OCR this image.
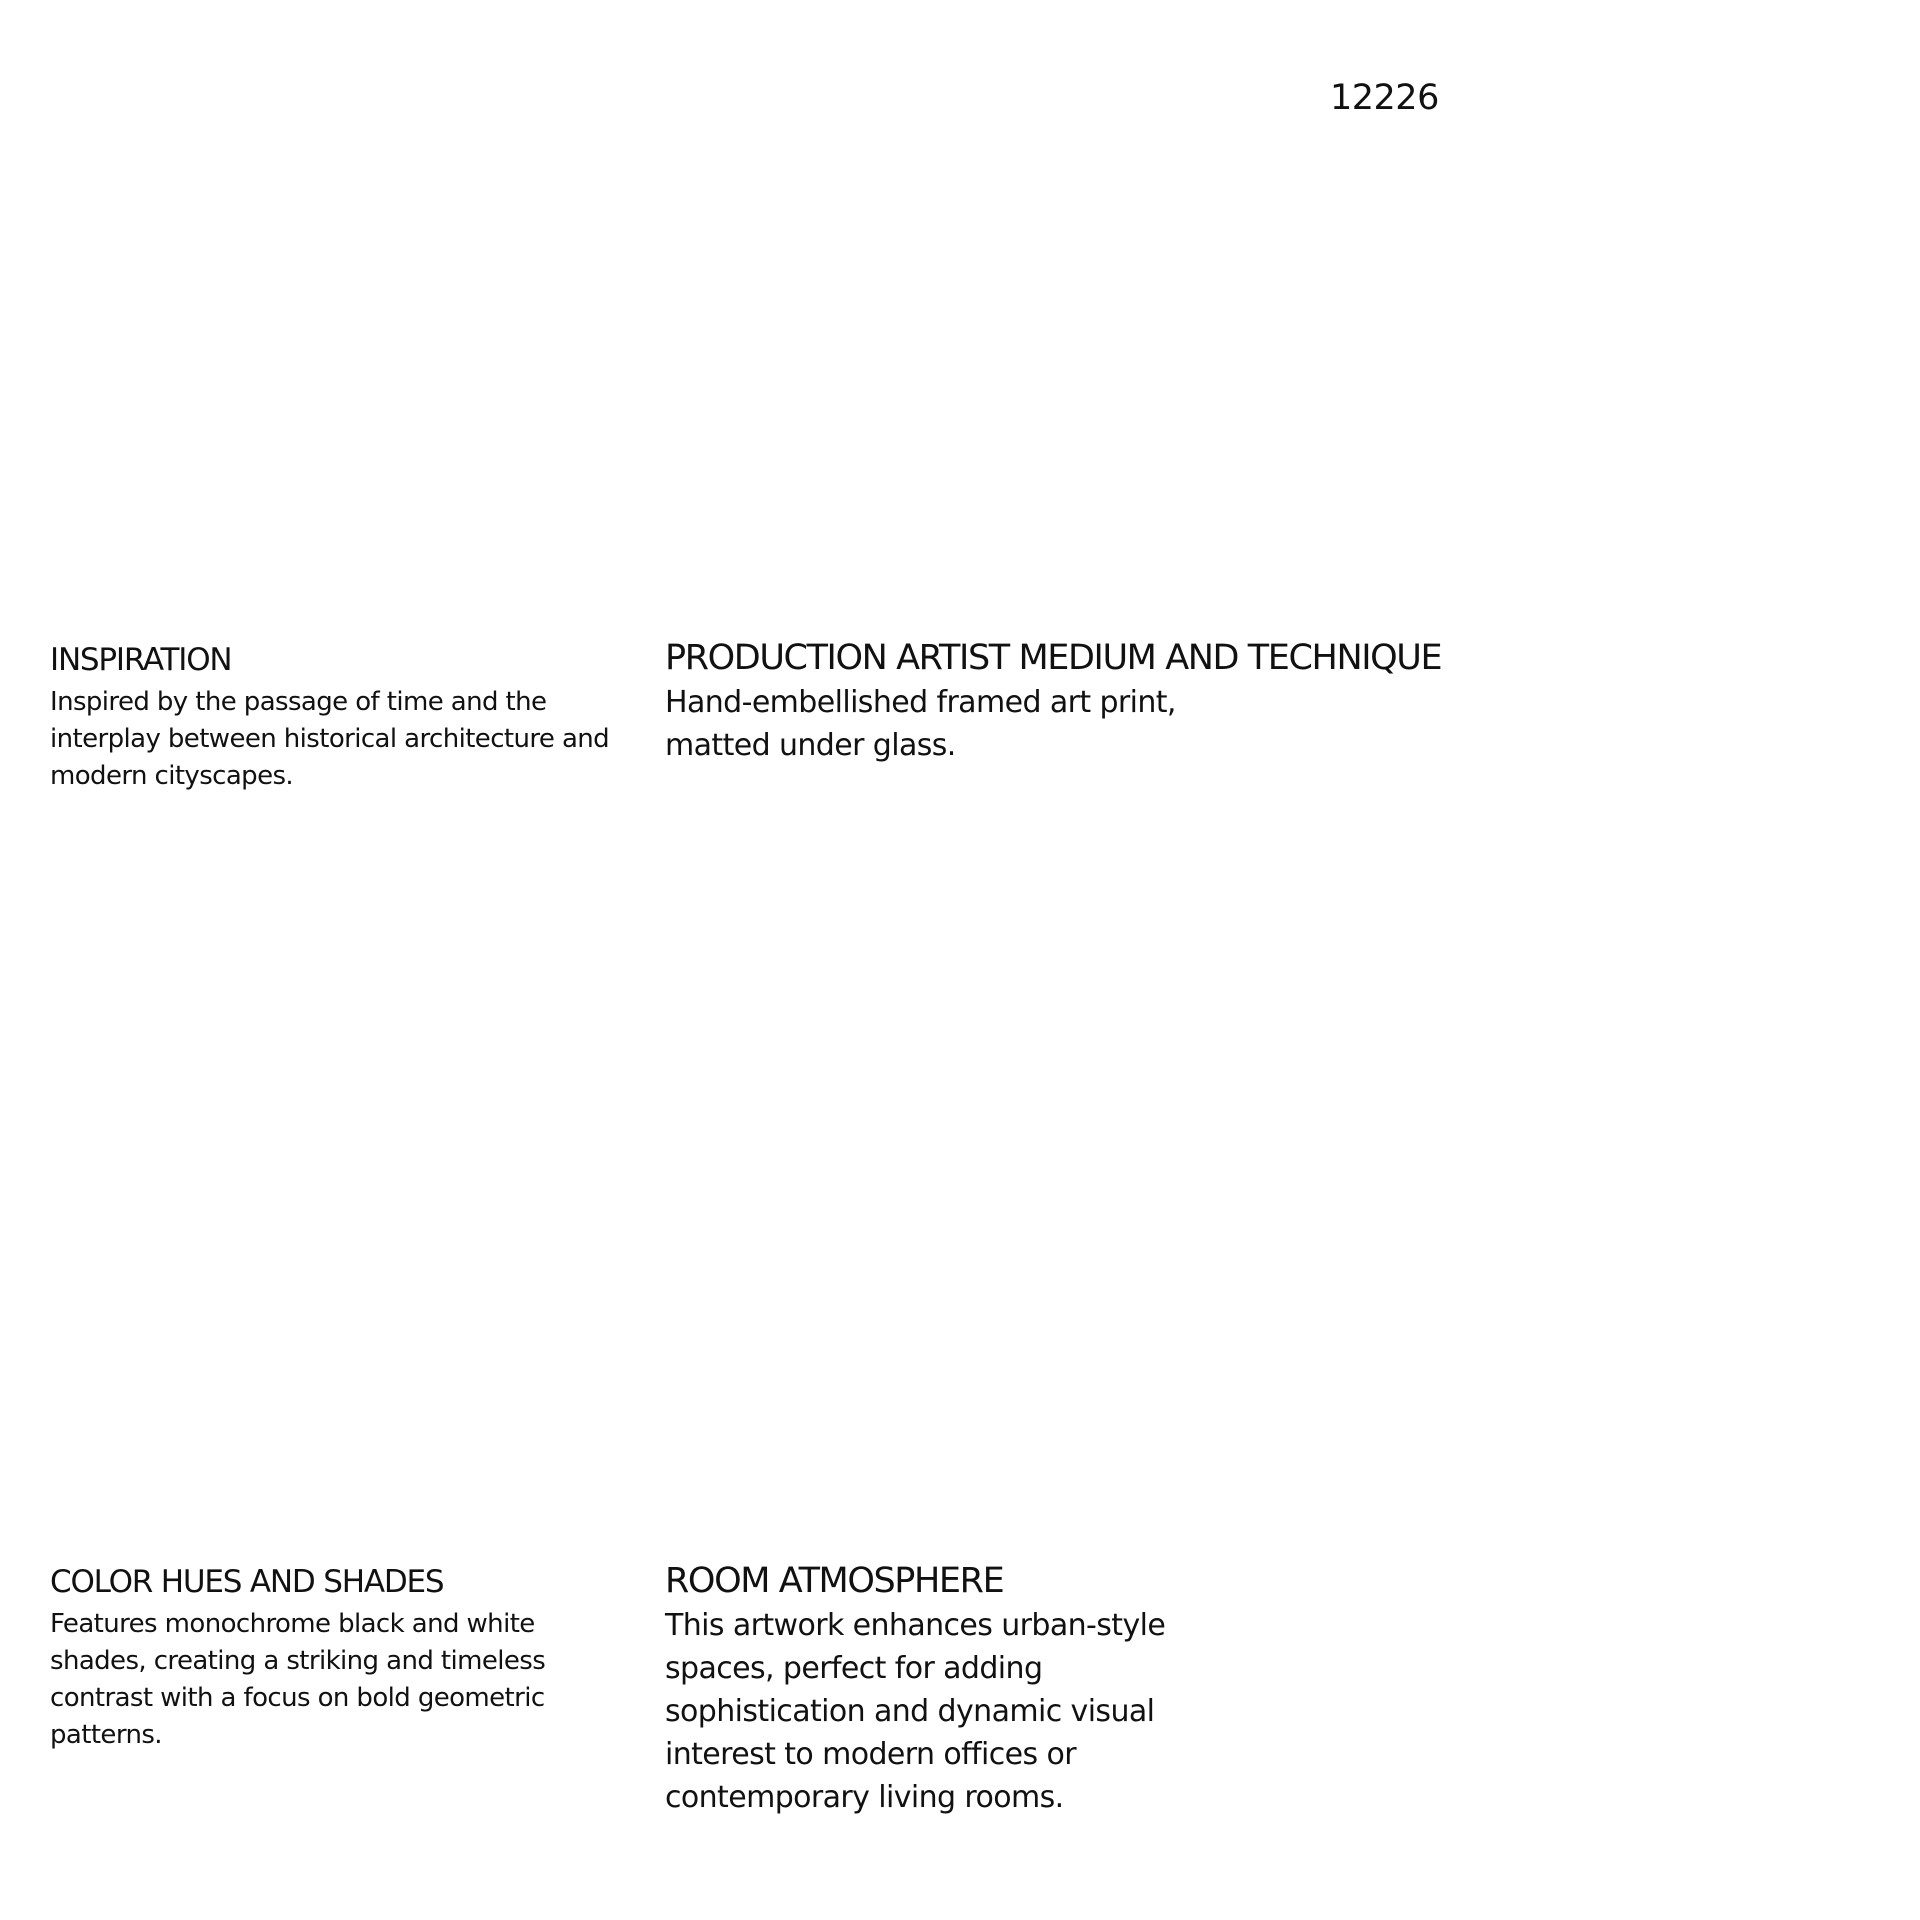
12226
INSPIRATION

Inspired by the passage of time and the
interplay between historical architecture and
modern cityscapes.

PRODUCTION ARTIST MEDIUM AND TECHNIQUE

Hand-embellished framed art print,
matted under glass.

COLOR HUES AND SHADES

Features monochrome black and white
shades, creating a striking and timeless
contrast with a focus on bold geometric
patterns.

ROOM ATMOSPHERE

This artwork enhances urban-style
spaces, perfect for adding
sophistication and dynamic visual
interest to modern offices or
contemporary living rooms.
